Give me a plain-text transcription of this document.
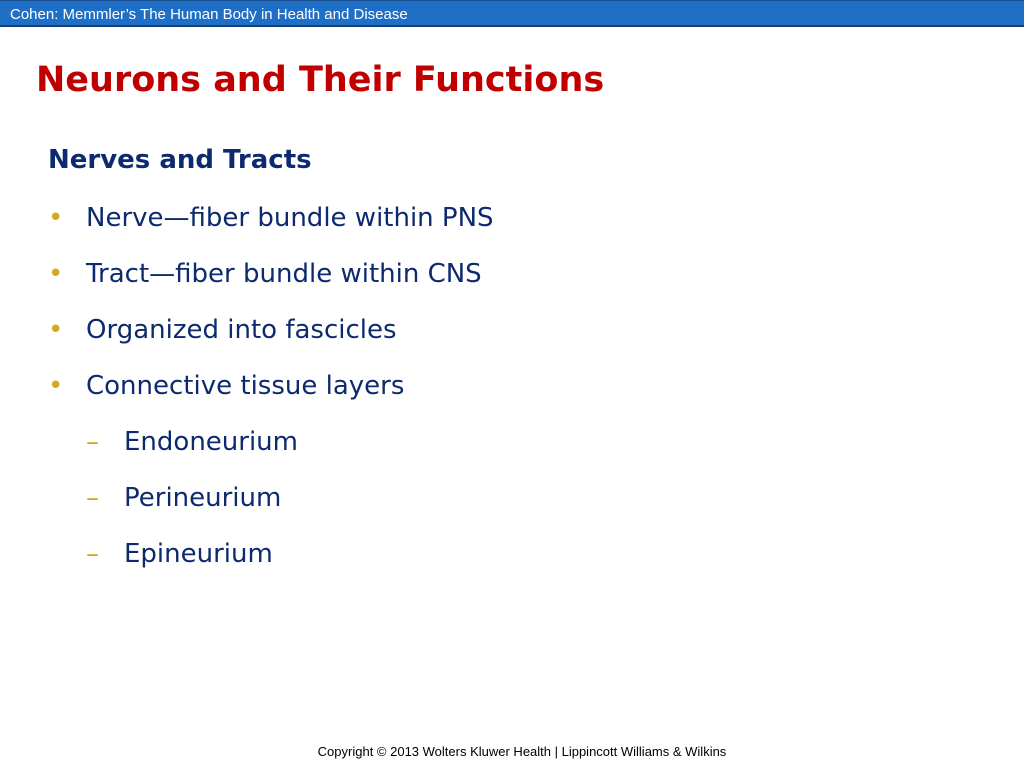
Cohen: Memmler’s The Human Body in Health and Disease
Neurons and Their Functions
Nerves and Tracts
• Nerve—fiber bundle within PNS
• Tract—fiber bundle within CNS
• Organized into fascicles
• Connective tissue layers
– Endoneurium
– Perineurium
– Epineurium
Copyright © 2013 Wolters Kluwer Health | Lippincott Williams & Wilkins
